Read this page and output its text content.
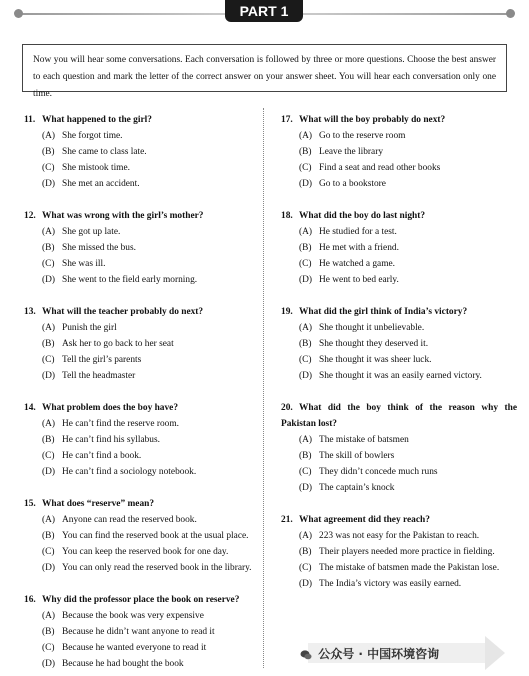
PART 1
Now you will hear some conversations. Each conversation is followed by three or more questions. Choose the best answer to each question and mark the letter of the correct answer on your answer sheet. You will hear each conversation only one time.
11. What happened to the girl?
(A) She forgot time.
(B) She came to class late.
(C) She mistook time.
(D) She met an accident.
12. What was wrong with the girl’s mother?
(A) She got up late.
(B) She missed the bus.
(C) She was ill.
(D) She went to the field early morning.
13. What will the teacher probably do next?
(A) Punish the girl
(B) Ask her to go back to her seat
(C) Tell the girl’s parents
(D) Tell the headmaster
14. What problem does the boy have?
(A) He can’t find the reserve room.
(B) He can’t find his syllabus.
(C) He can’t find a book.
(D) He can’t find a sociology notebook.
15. What does “reserve” mean?
(A) Anyone can read the reserved book.
(B) You can find the reserved book at the usual place.
(C) You can keep the reserved book for one day.
(D) You can only read the reserved book in the library.
16. Why did the professor place the book on reserve?
(A) Because the book was very expensive
(B) Because he didn’t want anyone to read it
(C) Because he wanted everyone to read it
(D) Because he had bought the book
17. What will the boy probably do next?
(A) Go to the reserve room
(B) Leave the library
(C) Find a seat and read other books
(D) Go to a bookstore
18. What did the boy do last night?
(A) He studied for a test.
(B) He met with a friend.
(C) He watched a game.
(D) He went to bed early.
19. What did the girl think of India’s victory?
(A) She thought it unbelievable.
(B) She thought they deserved it.
(C) She thought it was sheer luck.
(D) She thought it was an easily earned victory.
20. What did the boy think of the reason why the Pakistan lost?
(A) The mistake of batsmen
(B) The skill of bowlers
(C) They didn’t concede much runs
(D) The captain’s knock
21. What agreement did they reach?
(A) 223 was not easy for the Pakistan to reach.
(B) Their players needed more practice in fielding.
(C) The mistake of batsmen made the Pakistan lose.
(D) The India’s victory was easily earned.
公众号 · 中国环境咨询
